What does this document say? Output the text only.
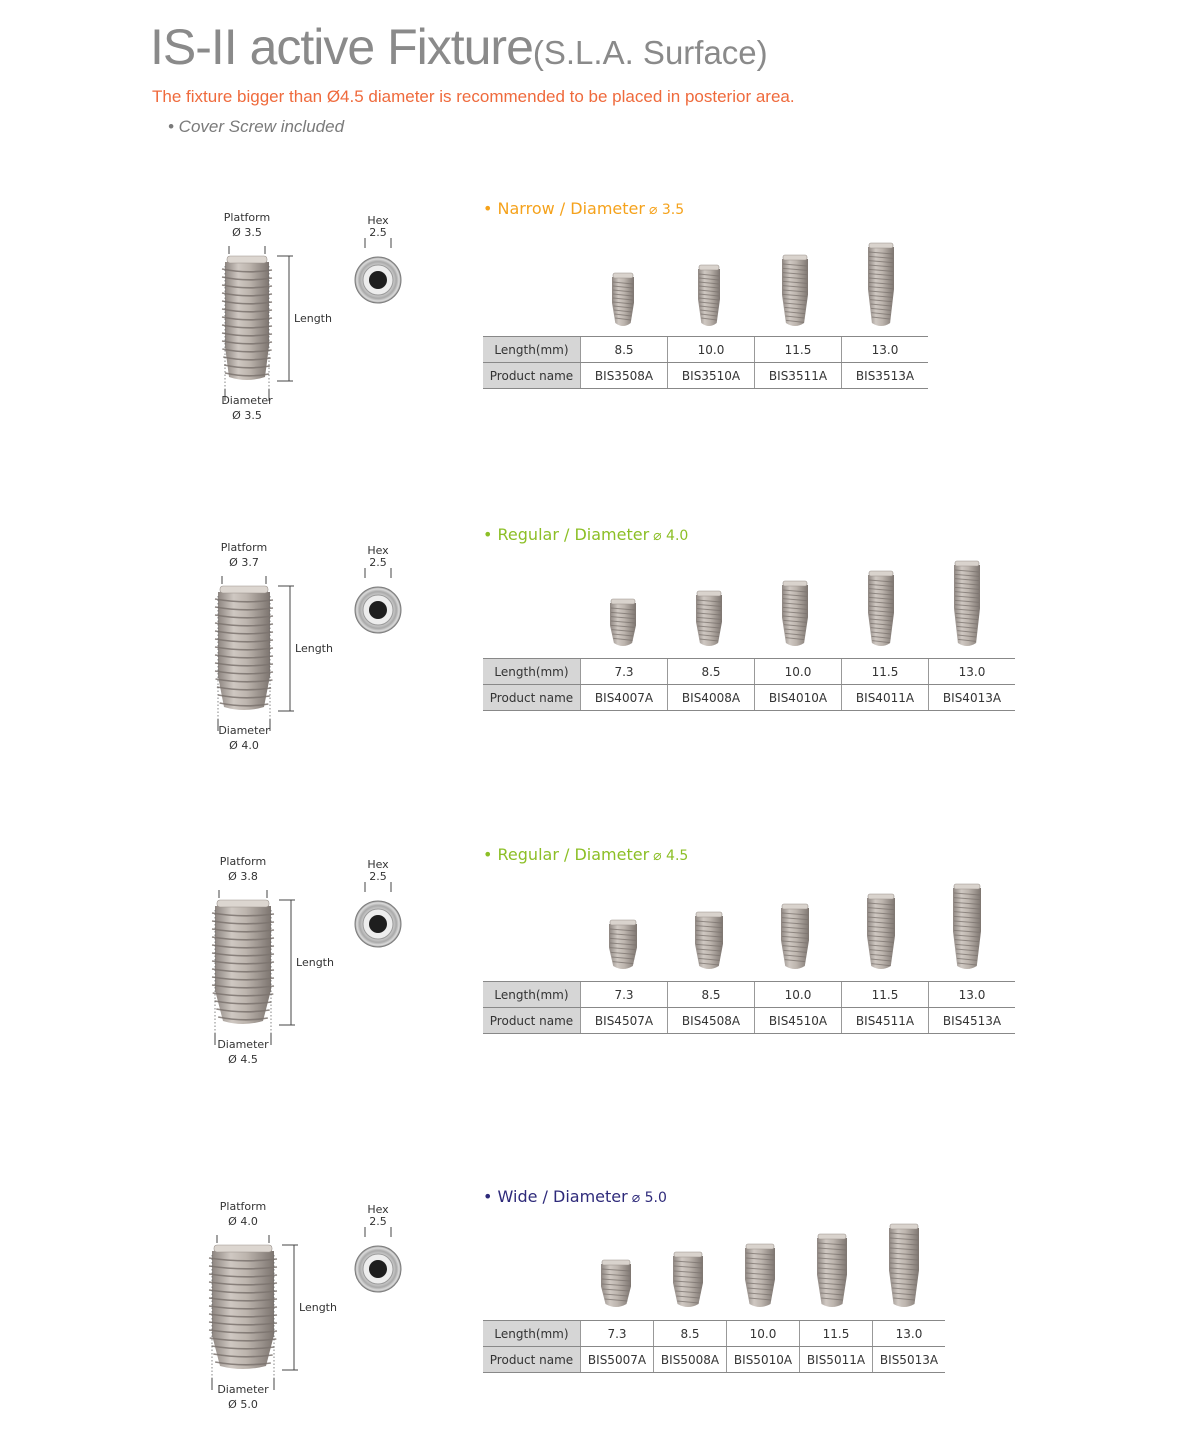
IS-II active Fixture(S.L.A. Surface)
The fixture bigger than Ø4.5 diameter is recommended to be placed in posterior area.
• Cover Screw included
Platform
Ø 3.5
Hex
2.5
Length
Diameter
Ø 3.5
• Narrow / Diameter ⌀ 3.5
Length(mm)	8.5	10.0	11.5	13.0
Product name	BIS3508A	BIS3510A	BIS3511A	BIS3513A
Platform
Ø 3.7
Hex
2.5
Length
Diameter
Ø 4.0
• Regular / Diameter ⌀ 4.0
Length(mm)	7.3	8.5	10.0	11.5	13.0
Product name	BIS4007A	BIS4008A	BIS4010A	BIS4011A	BIS4013A
Platform
Ø 3.8
Hex
2.5
Length
Diameter
Ø 4.5
• Regular / Diameter ⌀ 4.5
Length(mm)	7.3	8.5	10.0	11.5	13.0
Product name	BIS4507A	BIS4508A	BIS4510A	BIS4511A	BIS4513A
Platform
Ø 4.0
Hex
2.5
Length
Diameter
Ø 5.0
• Wide / Diameter ⌀ 5.0
Length(mm)	7.3	8.5	10.0	11.5	13.0
Product name	BIS5007A	BIS5008A	BIS5010A	BIS5011A	BIS5013A
